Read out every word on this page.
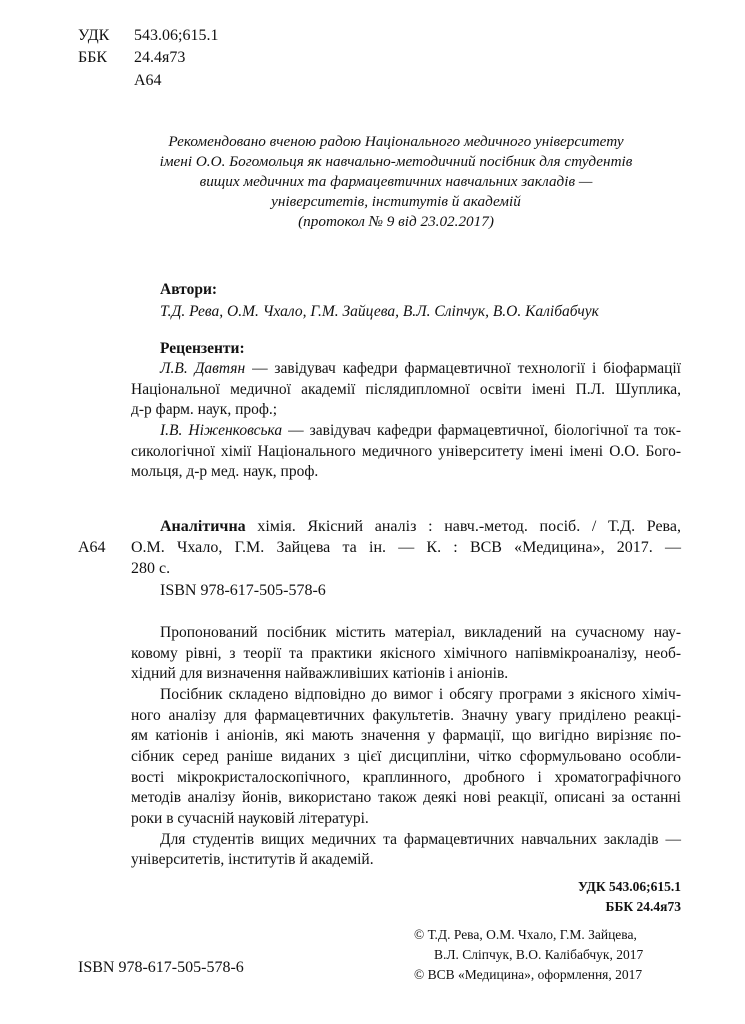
УДК 543.06;615.1
ББК 24.4я73
А64
Рекомендовано вченою радою Національного медичного університету
імені О.О. Богомольця як навчально-методичний посібник для студентів
вищих медичних та фармацевтичних навчальних закладів —
університетів, інститутів й академій
(протокол № 9 від 23.02.2017)
Автори:
Т.Д. Рева, О.М. Чхало, Г.М. Зайцева, В.Л. Сліпчук, В.О. Калібабчук
Рецензенти:
Л.В. Давтян — завідувач кафедри фармацевтичної технології і біофармації
Національної медичної академії післядипломної освіти імені П.Л. Шуплика,
д-р фарм. наук, проф.;
І.В. Ніженковська — завідувач кафедри фармацевтичної, біологічної та ток-
сикологічної хімії Національного медичного університету імені імені О.О. Бого-
мольця, д-р мед. наук, проф.
А64
Аналітична хімія. Якісний аналіз : навч.-метод. посіб. / Т.Д. Рева,
О.М. Чхало, Г.М. Зайцева та ін. — К. : ВСВ «Медицина», 2017. —
280 с.
ISBN 978-617-505-578-6
Пропонований посібник містить матеріал, викладений на сучасному нау-
ковому рівні, з теорії та практики якісного хімічного напівмікроаналізу, необ-
хідний для визначення найважливіших катіонів і аніонів.
Посібник складено відповідно до вимог і обсягу програми з якісного хіміч-
ного аналізу для фармацевтичних факультетів. Значну увагу приділено реакці-
ям катіонів і аніонів, які мають значення у фармації, що вигідно вирізняє по-
сібник серед раніше виданих з цієї дисципліни, чітко сформульовано особли-
вості мікрокристалоскопічного, краплинного, дробного і хроматографічного
методів аналізу йонів, використано також деякі нові реакції, описані за останні
роки в сучасній науковій літературі.
Для студентів вищих медичних та фармацевтичних навчальних закладів —
університетів, інститутів й академій.
УДК 543.06;615.1
ББК 24.4я73
ISBN 978-617-505-578-6
© Т.Д. Рева, О.М. Чхало, Г.М. Зайцева,
В.Л. Сліпчук, В.О. Калібабчук, 2017
© ВСВ «Медицина», оформлення, 2017
